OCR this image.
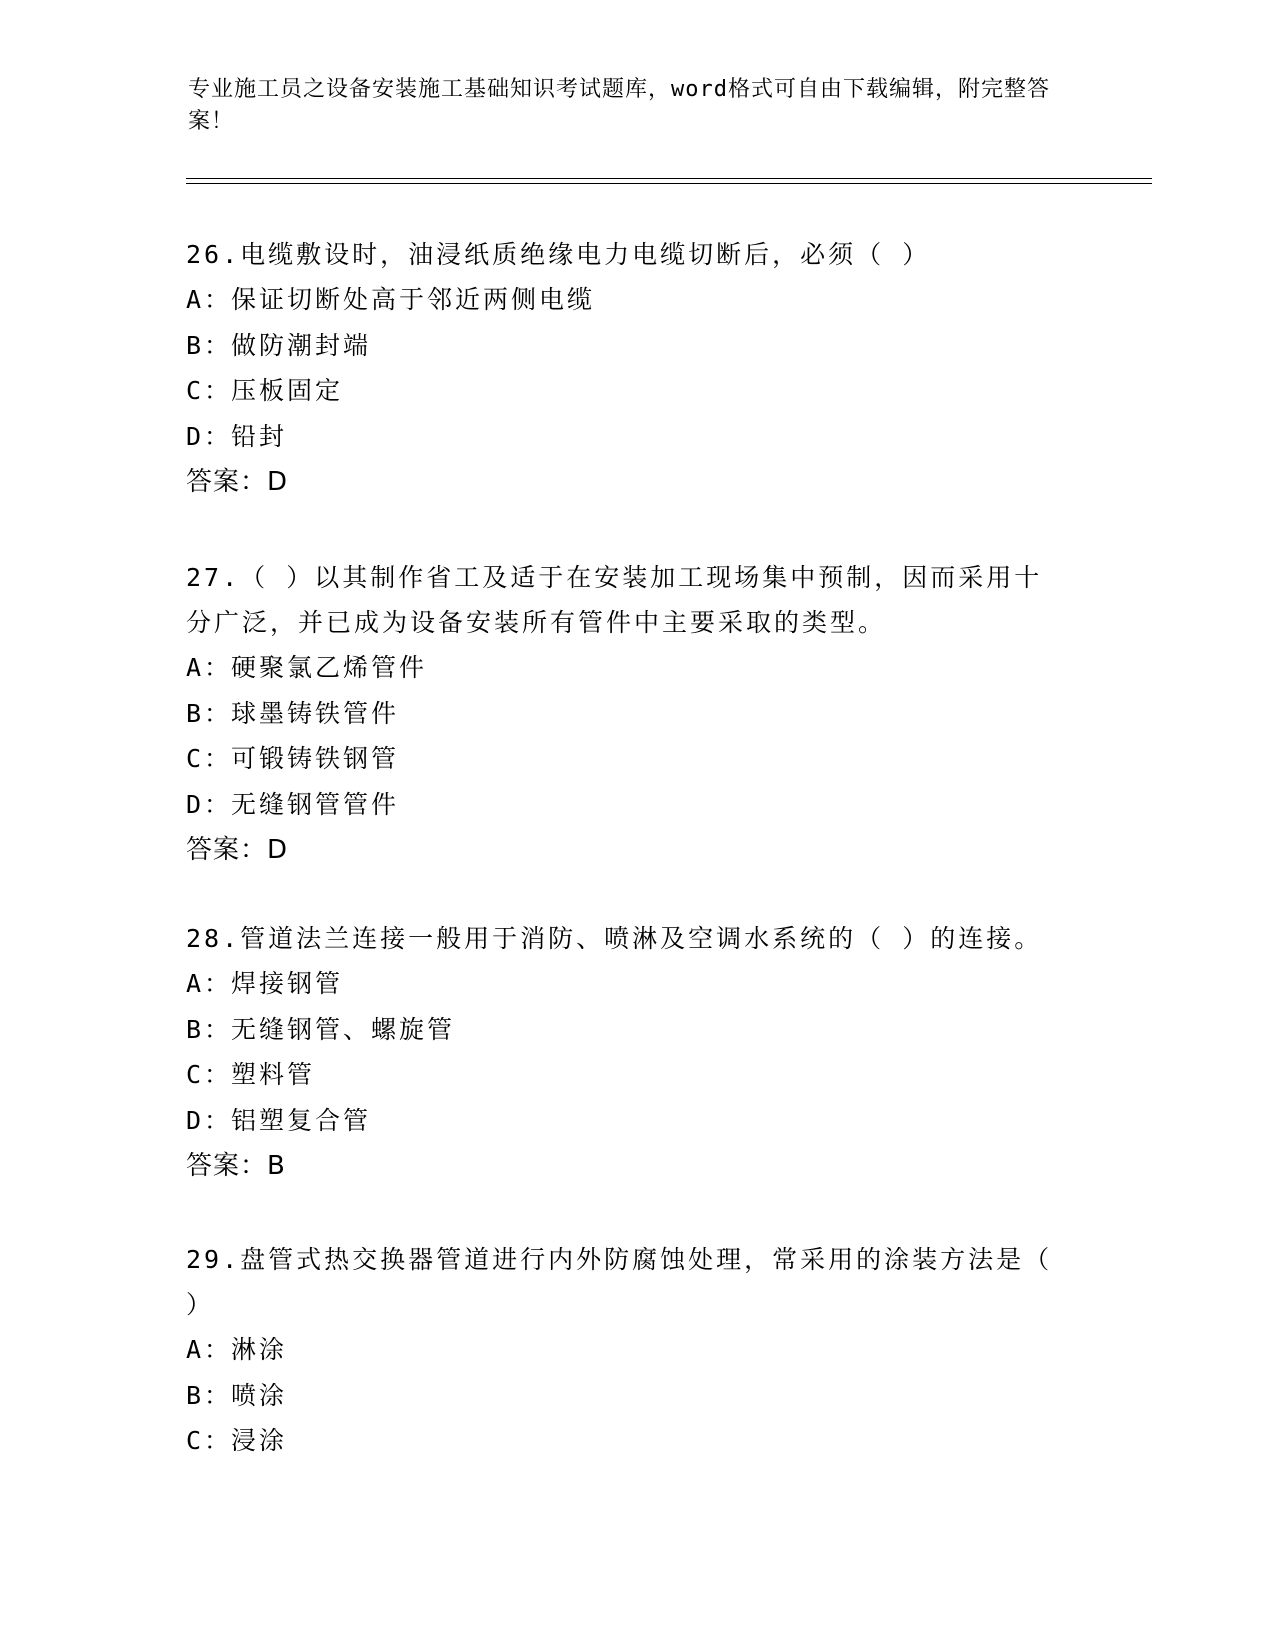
专业施工员之设备安装施工基础知识考试题库，word格式可自由下载编辑，附完整答案！

26.电缆敷设时，油浸纸质绝缘电力电缆切断后，必须（ ）

A：
保证切断处高于邻近两侧电缆

B：
做防潮封端

C：
压板固定

D：
铅封

答案：D

27.（ ）以其制作省工及适于在安装加工现场集中预制，因而采用十分广泛，并已成为设备安装所有管件中主要采取的类型。

A：
硬聚氯乙烯管件

B：
球墨铸铁管件

C：
可锻铸铁钢管

D：
无缝钢管管件

答案：D

28.管道法兰连接一般用于消防、喷淋及空调水系统的（ ）的连接。

A：
焊接钢管

B：
无缝钢管、螺旋管

C：
塑料管

D：
铝塑复合管

答案：B

29.盘管式热交换器管道进行内外防腐蚀处理，常采用的涂装方法是（ ）

A：
淋涂

B：
喷涂

C：
浸涂
